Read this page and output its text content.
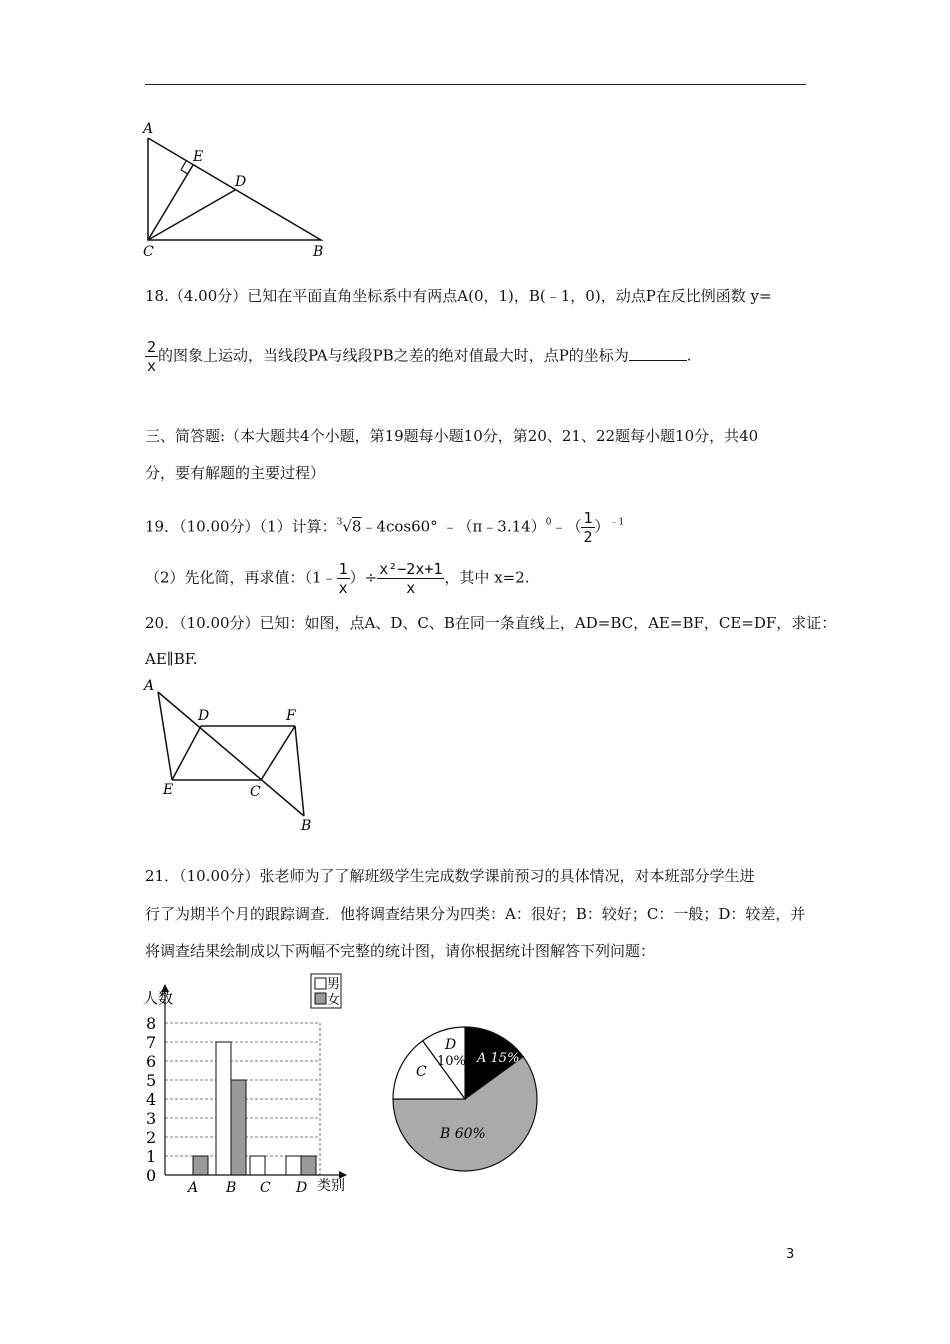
A
E
D
C	B
18.（4.00分）已知在平面直角坐标系中有两点A(0，1)，B(﹣1，0)，动点P在反比例函数 y=
$\frac{2}{x}$ 的图象上运动，当线段PA与线段PB之差的绝对值最大时，点P的坐标为	.
三、简答题:（本大题共4个小题，第19题每小题10分，第20、21、22题每小题10分，共40
分，要有解题的主要过程）
19．（10.00分）（1）计算：$^3$√8﹣4cos60° ﹣（π﹣3.14）$^0$﹣（ $\frac{1}{2} )^{﹣1}$
（2）先化简，再求值：（1﹣ $\frac{1}{x}$ ）÷ $\frac{\text{x²−2x+1}}{x}$ ，其中 x=2.
20．（10.00分）已知：如图，点A、D、C、B在同一条直线上，AD=BC，AE=BF，CE=DF，求证：
AE∥BF.
A
D	F
E	C
B
21．（10.00分）张老师为了了解班级学生完成数学课前预习的具体情况，对本班部分学生进
行了为期半个月的跟踪调查．他将调查结果分为四类：A：很好；B：较好；C：一般；D：较差，并
将调查结果绘制成以下两幅不完整的统计图，请你根据统计图解答下列问题：
0
1
2
3
4
5
6
7
8
A B C D
人数
类别
男
女
D
10% A 15%
C
B 60%
3
